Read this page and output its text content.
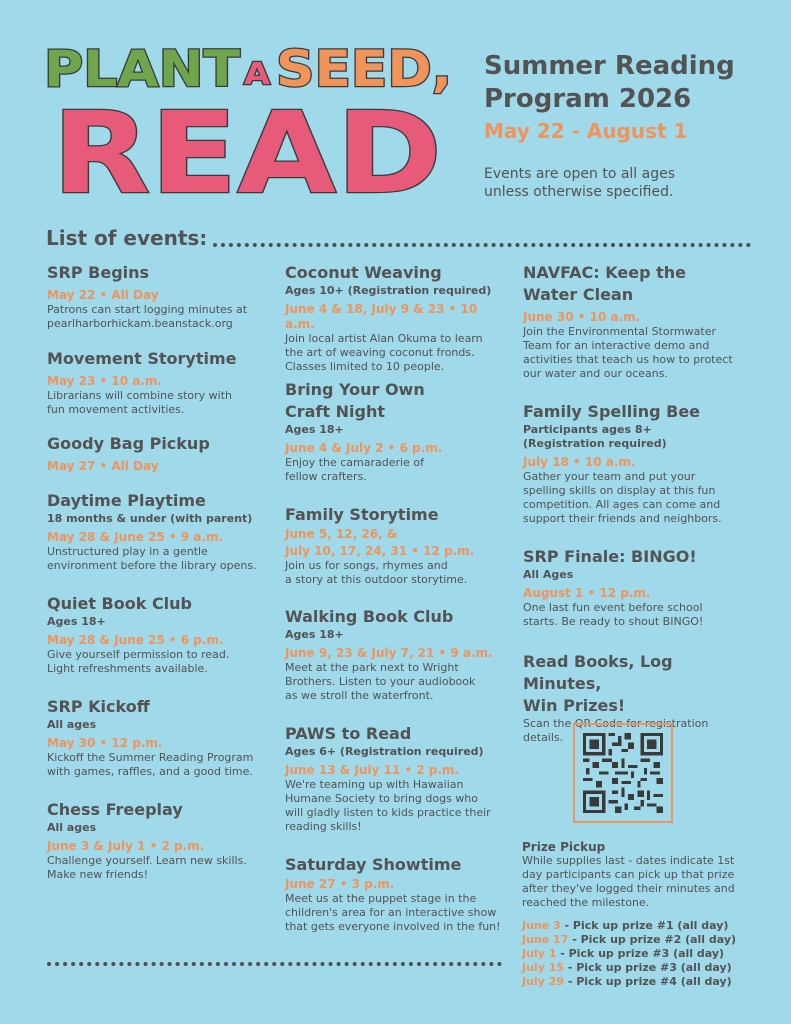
PLANT A SEED,
READ
Summer Reading
Program 2026
May 22 - August 1
Events are open to all ages
unless otherwise specified.
List of events:
SRP Begins
May 22 • All Day
Patrons can start logging minutes at
pearlharborhickam.beanstack.org
Movement Storytime
May 23 • 10 a.m.
Librarians will combine story with
fun movement activities.
Goody Bag Pickup
May 27 • All Day
Daytime Playtime
18 months & under (with parent)
May 28 & June 25 • 9 a.m.
Unstructured play in a gentle
environment before the library opens.
Quiet Book Club
Ages 18+
May 28 & June 25 • 6 p.m.
Give yourself permission to read.
Light refreshments available.
SRP Kickoff
All ages
May 30 • 12 p.m.
Kickoff the Summer Reading Program
with games, raffles, and a good time.
Chess Freeplay
All ages
June 3 & July 1 • 2 p.m.
Challenge yourself. Learn new skills.
Make new friends!
Coconut Weaving
Ages 10+ (Registration required)
June 4 & 18, July 9 & 23 • 10 a.m.
Join local artist Alan Okuma to learn
the art of weaving coconut fronds.
Classes limited to 10 people.
Bring Your Own
Craft Night
Ages 18+
June 4 & July 2 • 6 p.m.
Enjoy the camaraderie of
fellow crafters.
Family Storytime
June 5, 12, 26, &
July 10, 17, 24, 31 • 12 p.m.
Join us for songs, rhymes and
a story at this outdoor storytime.
Walking Book Club
Ages 18+
June 9, 23 & July 7, 21 • 9 a.m.
Meet at the park next to Wright
Brothers. Listen to your audiobook
as we stroll the waterfront.
PAWS to Read
Ages 6+ (Registration required)
June 13 & July 11 • 2 p.m.
We're teaming up with Hawaiian
Humane Society to bring dogs who
will gladly listen to kids practice their
reading skills!
Saturday Showtime
June 27 • 3 p.m.
Meet us at the puppet stage in the
children's area for an interactive show
that gets everyone involved in the fun!
NAVFAC: Keep the
Water Clean
June 30 • 10 a.m.
Join the Environmental Stormwater
Team for an interactive demo and
activities that teach us how to protect
our water and our oceans.
Family Spelling Bee
Participants ages 8+
(Registration required)
July 18 • 10 a.m.
Gather your team and put your
spelling skills on display at this fun
competition. All ages can come and
support their friends and neighbors.
SRP Finale: BINGO!
All Ages
August 1 • 12 p.m.
One last fun event before school
starts. Be ready to shout BINGO!
Read Books, Log Minutes,
Win Prizes!
Scan the QR Code for registration
details.
Prize Pickup
While supplies last - dates indicate 1st
day participants can pick up that prize
after they've logged their minutes and
reached the milestone.
June 3 - Pick up prize #1 (all day)
June 17 - Pick up prize #2 (all day)
July 1 - Pick up prize #3 (all day)
July 15 - Pick up prize #3 (all day)
July 29 - Pick up prize #4 (all day)
